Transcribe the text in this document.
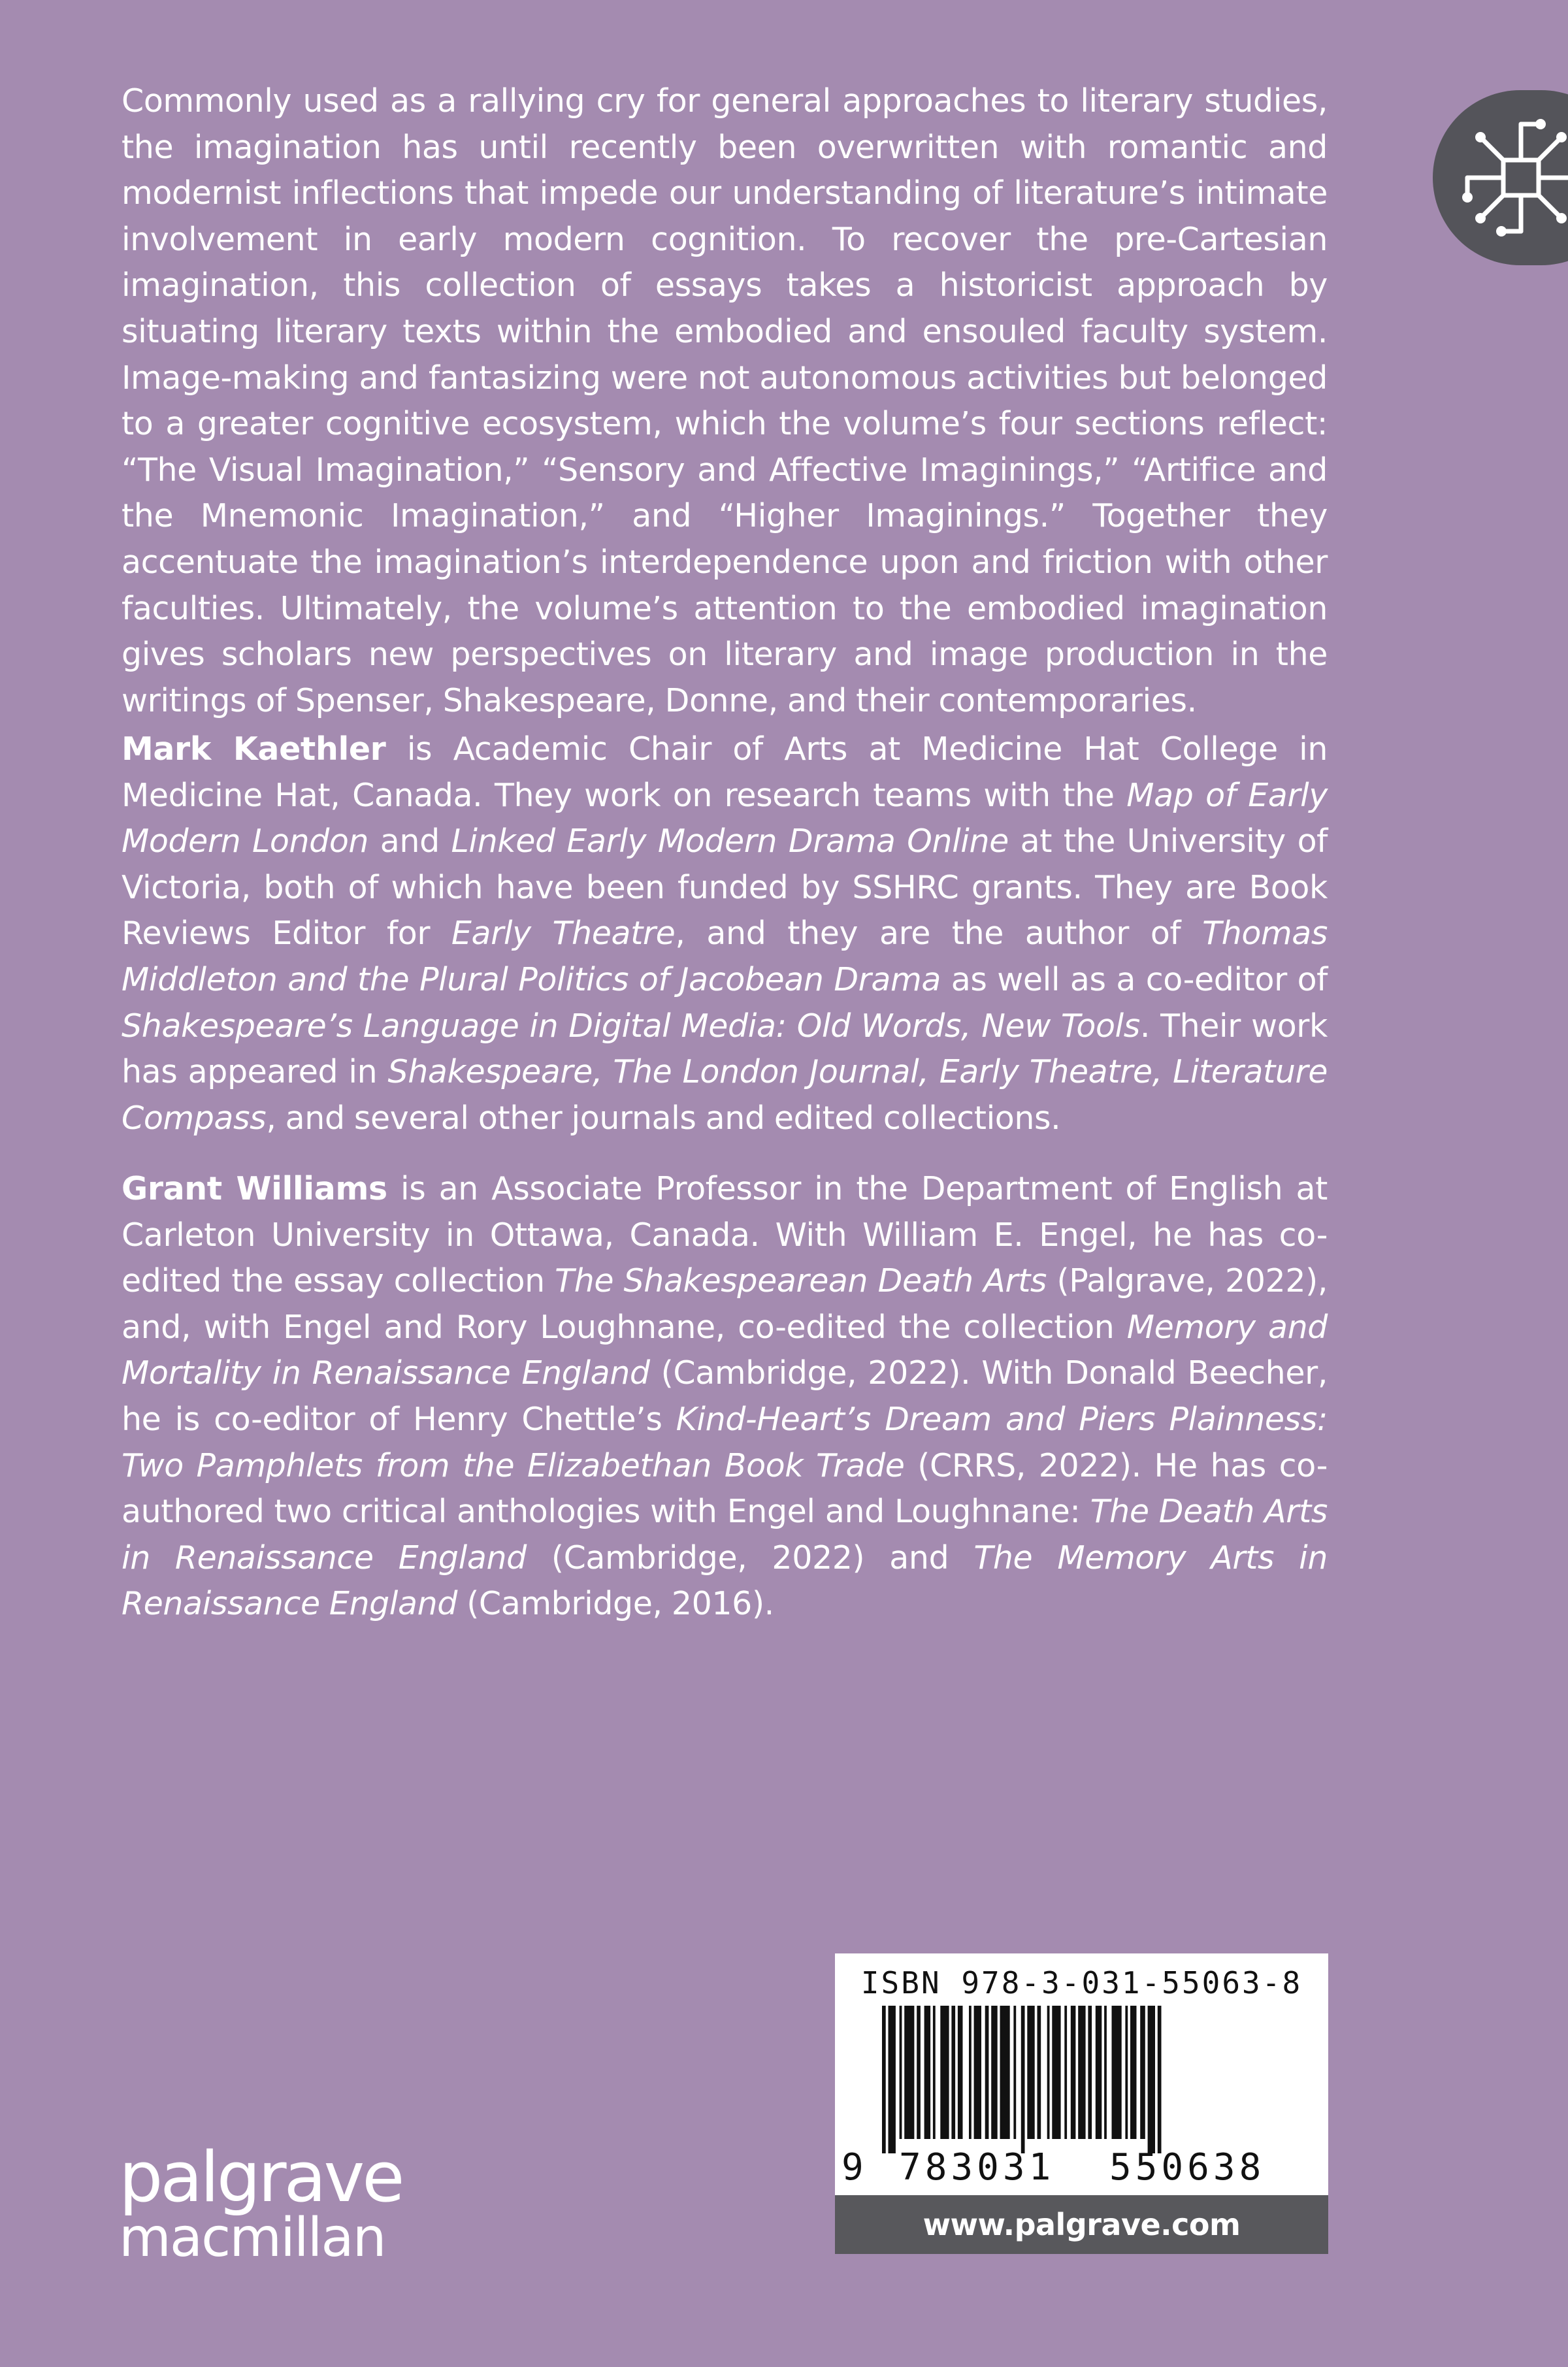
Commonly used as a rallying cry for general approaches to literary studies, the imagination has until recently been overwritten with romantic and modernist inflections that impede our understanding of literature’s intimate involvement in early modern cognition. To recover the pre-Cartesian imagination, this collection of essays takes a historicist approach by situating literary texts within the embodied and ensouled faculty system. Image-making and fantasizing were not autonomous activities but belonged to a greater cognitive ecosystem, which the volume’s four sections reflect: “The Visual Imagination,” “Sensory and Affective Imaginings,” “Artifice and the Mnemonic Imagination,” and “Higher Imaginings.” Together they accentuate the imagination’s interdependence upon and friction with other faculties. Ultimately, the volume’s attention to the embodied imagination gives scholars new perspectives on literary and image production in the writings of Spenser, Shakespeare, Donne, and their contemporaries.

Mark Kaethler is Academic Chair of Arts at Medicine Hat College in Medicine Hat, Canada. They work on research teams with the Map of Early Modern London and Linked Early Modern Drama Online at the University of Victoria, both of which have been funded by SSHRC grants. They are Book Reviews Editor for Early Theatre, and they are the author of Thomas Middleton and the Plural Politics of Jacobean Drama as well as a co-editor of Shakespeare’s Language in Digital Media: Old Words, New Tools. Their work has appeared in Shakespeare, The London Journal, Early Theatre, Literature Compass, and several other journals and edited collections.

Grant Williams is an Associate Professor in the Department of English at Carleton University in Ottawa, Canada. With William E. Engel, he has co-edited the essay collection The Shakespearean Death Arts (Palgrave, 2022), and, with Engel and Rory Loughnane, co-edited the collection Memory and Mortality in Renaissance England (Cambridge, 2022). With Donald Beecher, he is co-editor of Henry Chettle’s Kind-Heart’s Dream and Piers Plainness: Two Pamphlets from the Elizabethan Book Trade (CRRS, 2022). He has co-authored two critical anthologies with Engel and Loughnane: The Death Arts in Renaissance England (Cambridge, 2022) and The Memory Arts in Renaissance England (Cambridge, 2016).

palgrave
macmillan
ISBN 978-3-031-55063-8
9 783031 550638
www.palgrave.com
